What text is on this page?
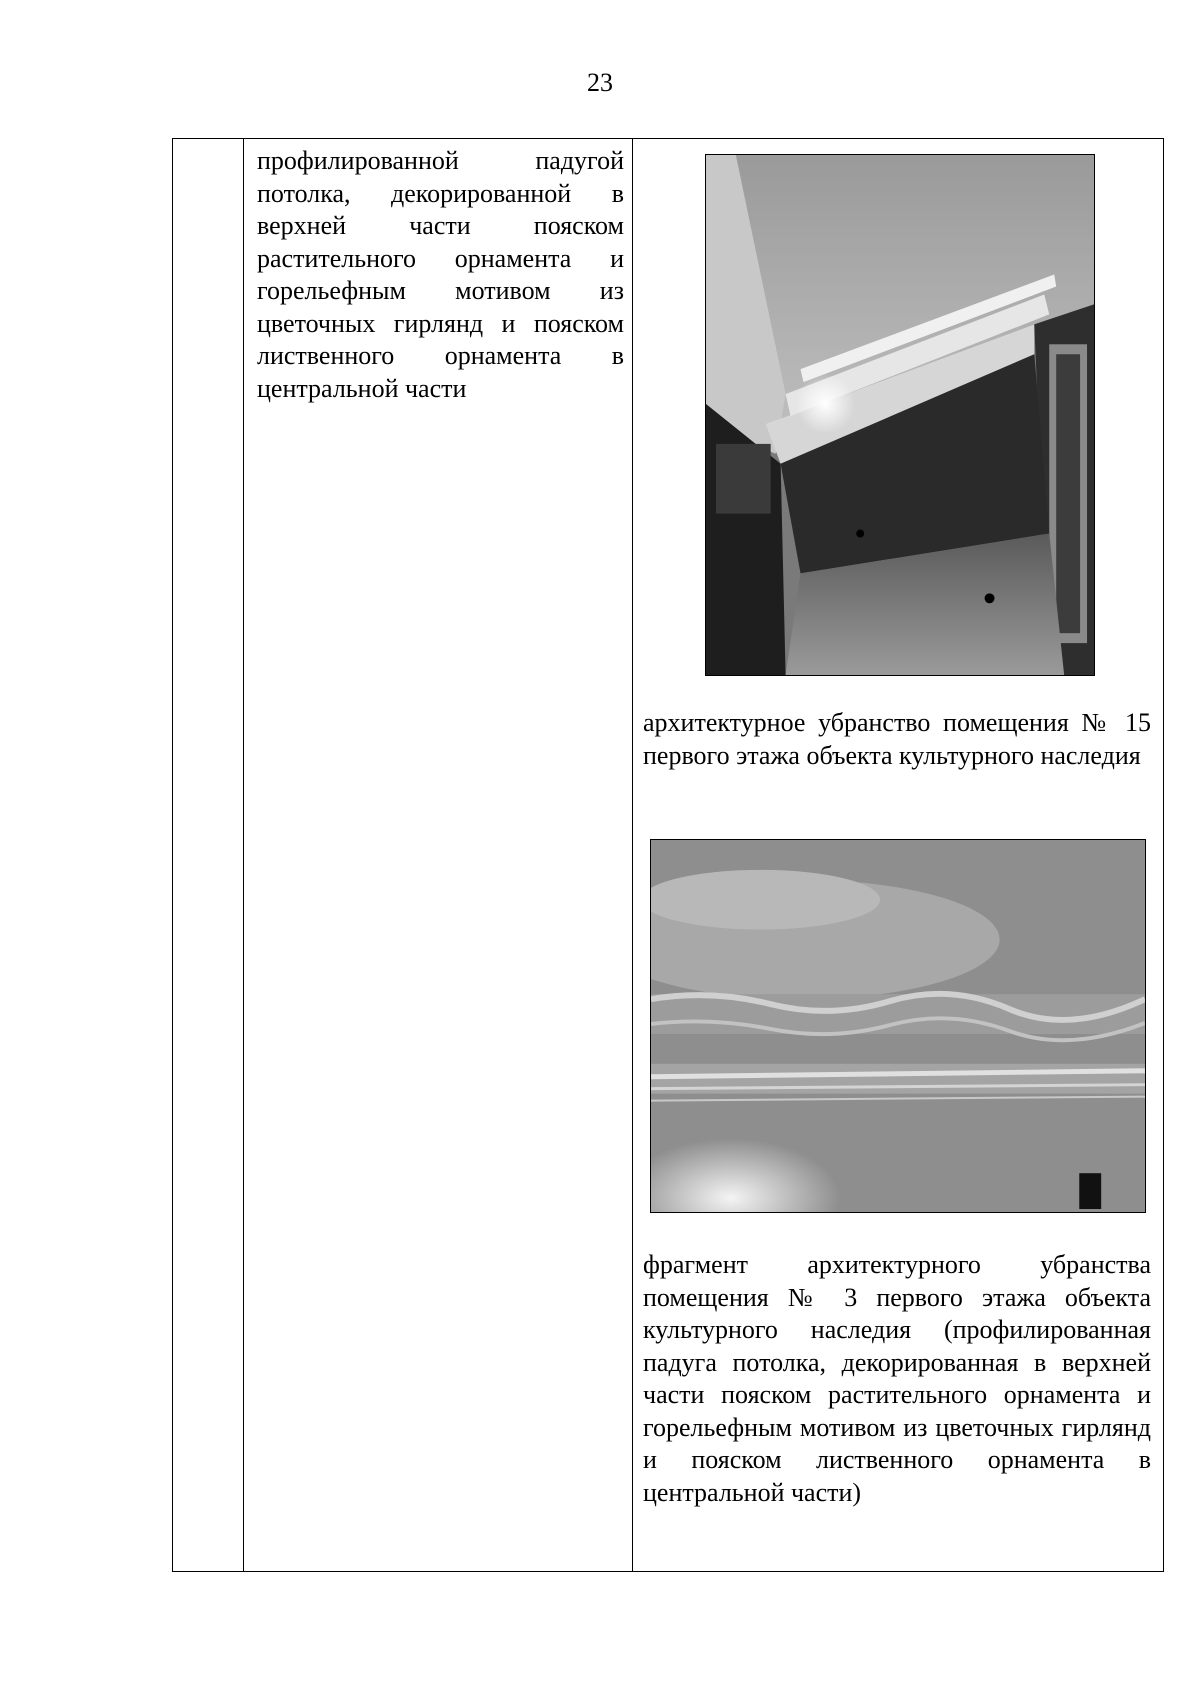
23

профилированной падугой потолка, декорированной в верхней части пояском растительного орнамента и горельефным мотивом из цветочных гирлянд и пояском лиственного орнамента в центральной части

архитектурное убранство помещения № 15 первого этажа объекта культурного наследия
фрагмент архитектурного убранства помещения № 3 первого этажа объекта культурного наследия (профилированная падуга потолка, декорированная в верхней части пояском растительного орнамента и горельефным мотивом из цветочных гирлянд и пояском лиственного орнамента в центральной части)
